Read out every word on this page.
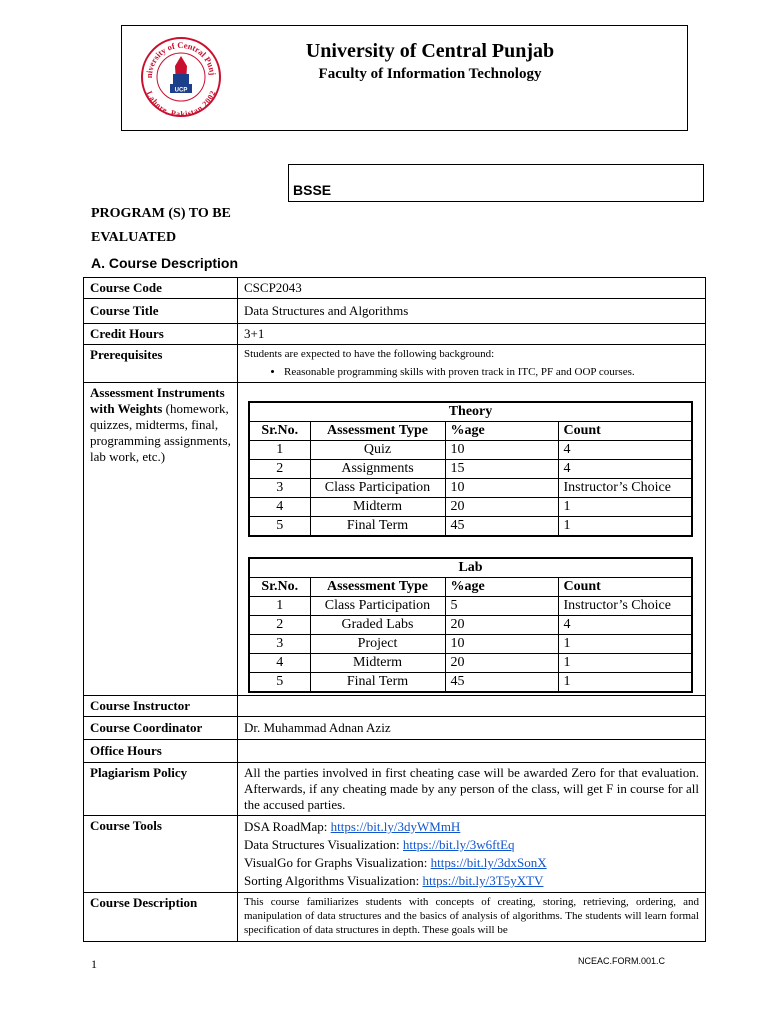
niversity of Central Punj
Lahore, Pakistan 2002
UCP
University of Central Punjab
Faculty of Information Technology
BSSE
PROGRAM (S) TO BE
EVALUATED
A. Course Description
Course Code	CSCP2043
Course Title	Data Structures and Algorithms
Credit Hours	3+1
Prerequisites	Students are expected to have the following background:
• Reasonable programming skills with proven track in ITC, PF and OOP courses.

Assessment Instruments with Weights (homework, quizzes, midterms, final, programming assignments, lab work, etc.)	
Theory
Sr.No.	Assessment Type	%age	Count
1	Quiz	10	4
2	Assignments	15	4
3	Class Participation	10	Instructor’s Choice
4	Midterm	20	1
5	Final Term	45	1
Lab
Sr.No.	Assessment Type	%age	Count
1	Class Participation	5	Instructor’s Choice
2	Graded Labs	20	4
3	Project	10	1
4	Midterm	20	1
5	Final Term	45	1

Course Instructor	
Course Coordinator	Dr. Muhammad Adnan Aziz
Office Hours	
Plagiarism Policy	All the parties involved in first cheating case will be awarded Zero for that evaluation. Afterwards, if any cheating made by any person of the class, will get F in course for all the accused parties.
Course Tools	DSA RoadMap: https://bit.ly/3dyWMmH
Data Structures Visualization: https://bit.ly/3w6ftEq
VisualGo for Graphs Visualization: https://bit.ly/3dxSonX
Sorting Algorithms Visualization: https://bit.ly/3T5yXTV

Course Description	This course familiarizes students with concepts of creating, storing, retrieving, ordering, and manipulation of data structures and the basics of analysis of algorithms. The students will learn formal specification of data structures in depth. These goals will be
1	NCEAC.FORM.001.C
